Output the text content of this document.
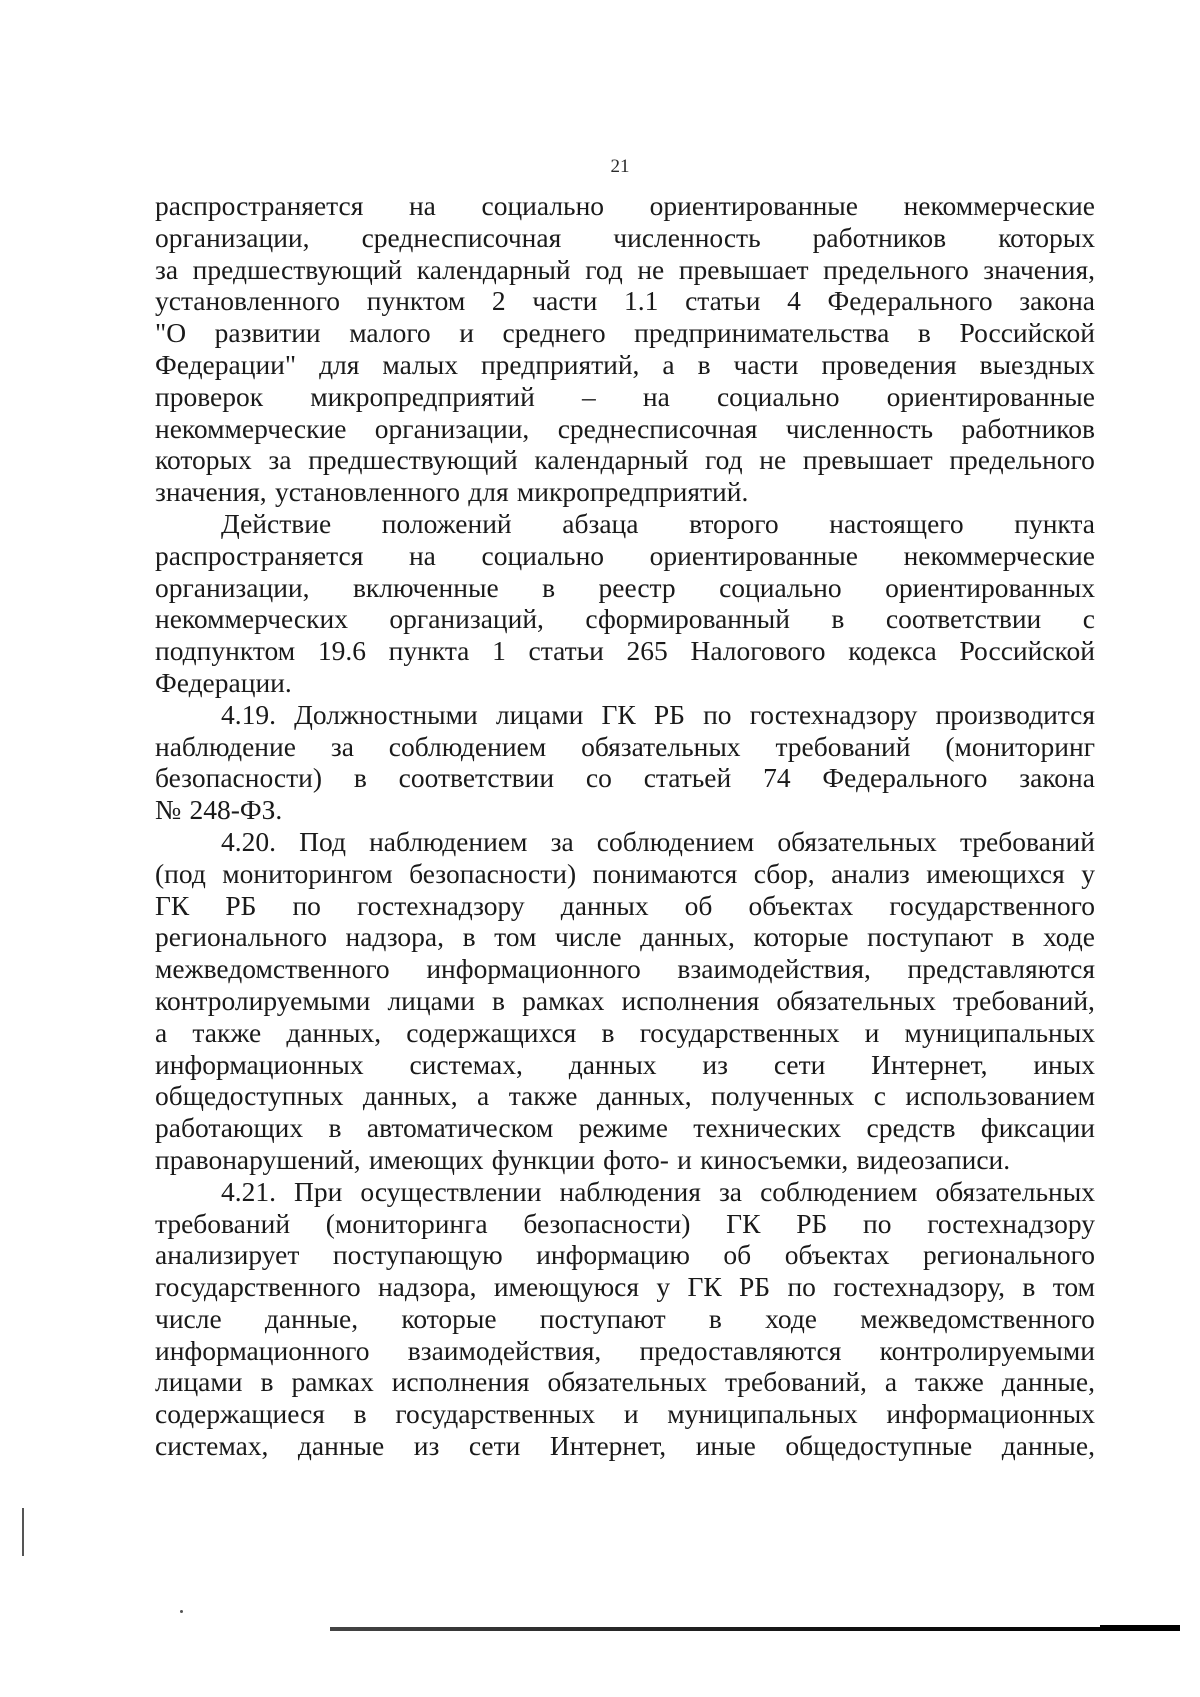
21
распространяется на социально ориентированные некоммерческие
организации, среднесписочная численность работников которых
за предшествующий календарный год не превышает предельного значения,
установленного пунктом 2 части 1.1 статьи 4 Федерального закона
"О развитии малого и среднего предпринимательства в Российской
Федерации" для малых предприятий, а в части проведения выездных
проверок микропредприятий – на социально ориентированные
некоммерческие организации, среднесписочная численность работников
которых за предшествующий календарный год не превышает предельного
значения, установленного для микропредприятий.
Действие положений абзаца второго настоящего пункта
распространяется на социально ориентированные некоммерческие
организации, включенные в реестр социально ориентированных
некоммерческих организаций, сформированный в соответствии с
подпунктом 19.6 пункта 1 статьи 265 Налогового кодекса Российской
Федерации.
4.19. Должностными лицами ГК РБ по гостехнадзору производится
наблюдение за соблюдением обязательных требований (мониторинг
безопасности) в соответствии со статьей 74 Федерального закона
№ 248-ФЗ.
4.20. Под наблюдением за соблюдением обязательных требований
(под мониторингом безопасности) понимаются сбор, анализ имеющихся у
ГК РБ по гостехнадзору данных об объектах государственного
регионального надзора, в том числе данных, которые поступают в ходе
межведомственного информационного взаимодействия, представляются
контролируемыми лицами в рамках исполнения обязательных требований,
а также данных, содержащихся в государственных и муниципальных
информационных системах, данных из сети Интернет, иных
общедоступных данных, а также данных, полученных с использованием
работающих в автоматическом режиме технических средств фиксации
правонарушений, имеющих функции фото- и киносъемки, видеозаписи.
4.21. При осуществлении наблюдения за соблюдением обязательных
требований (мониторинга безопасности) ГК РБ по гостехнадзору
анализирует поступающую информацию об объектах регионального
государственного надзора, имеющуюся у ГК РБ по гостехнадзору, в том
числе данные, которые поступают в ходе межведомственного
информационного взаимодействия, предоставляются контролируемыми
лицами в рамках исполнения обязательных требований, а также данные,
содержащиеся в государственных и муниципальных информационных
системах, данные из сети Интернет, иные общедоступные данные,
